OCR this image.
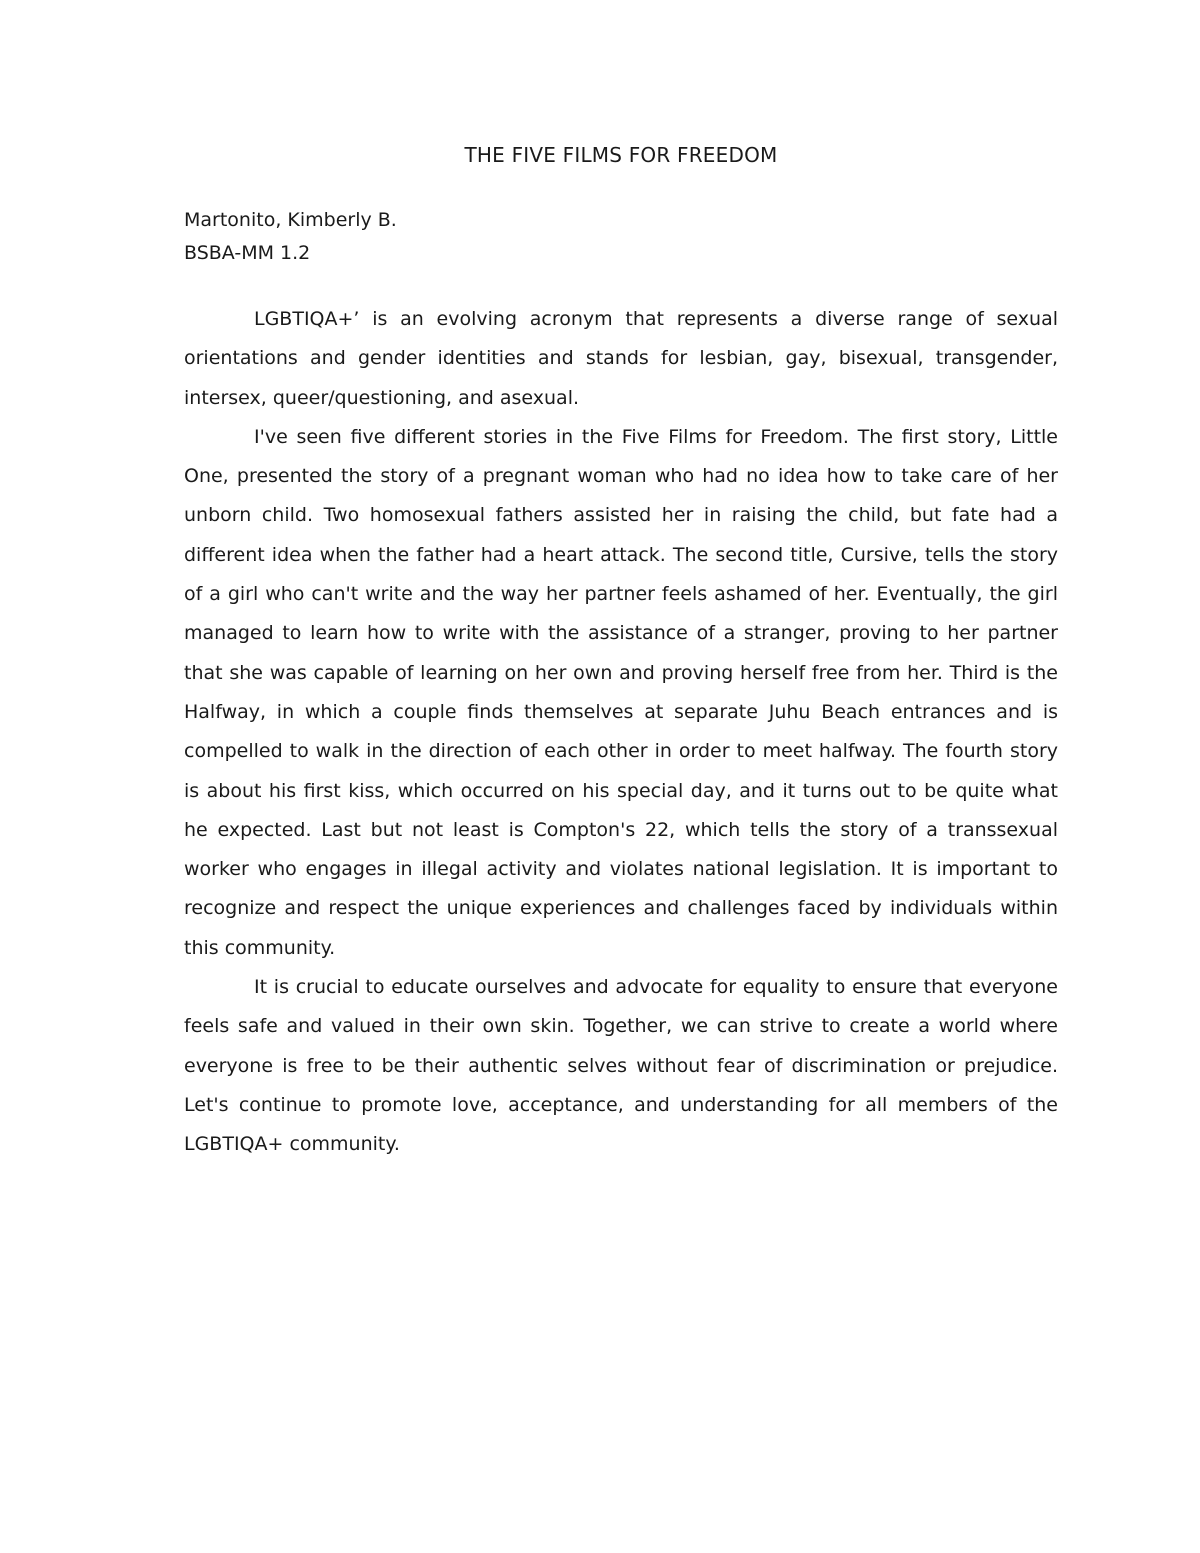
THE FIVE FILMS FOR FREEDOM
Martonito, Kimberly B.
BSBA-MM 1.2

LGBTIQA+’ is an evolving acronym that represents a diverse range of sexual orientations and gender identities and stands for lesbian, gay, bisexual, transgender, intersex, queer/questioning, and asexual.

I've seen five different stories in the Five Films for Freedom. The first story, Little One, presented the story of a pregnant woman who had no idea how to take care of her unborn child. Two homosexual fathers assisted her in raising the child, but fate had a different idea when the father had a heart attack. The second title, Cursive, tells the story of a girl who can't write and the way her partner feels ashamed of her. Eventually, the girl managed to learn how to write with the assistance of a stranger, proving to her partner that she was capable of learning on her own and proving herself free from her. Third is the Halfway, in which a couple finds themselves at separate Juhu Beach entrances and is compelled to walk in the direction of each other in order to meet halfway. The fourth story is about his first kiss, which occurred on his special day, and it turns out to be quite what he expected. Last but not least is Compton's 22, which tells the story of a transsexual worker who engages in illegal activity and violates national legislation. It is important to recognize and respect the unique experiences and challenges faced by individuals within this community.

It is crucial to educate ourselves and advocate for equality to ensure that everyone feels safe and valued in their own skin. Together, we can strive to create a world where everyone is free to be their authentic selves without fear of discrimination or prejudice. Let's continue to promote love, acceptance, and understanding for all members of the LGBTIQA+ community.
